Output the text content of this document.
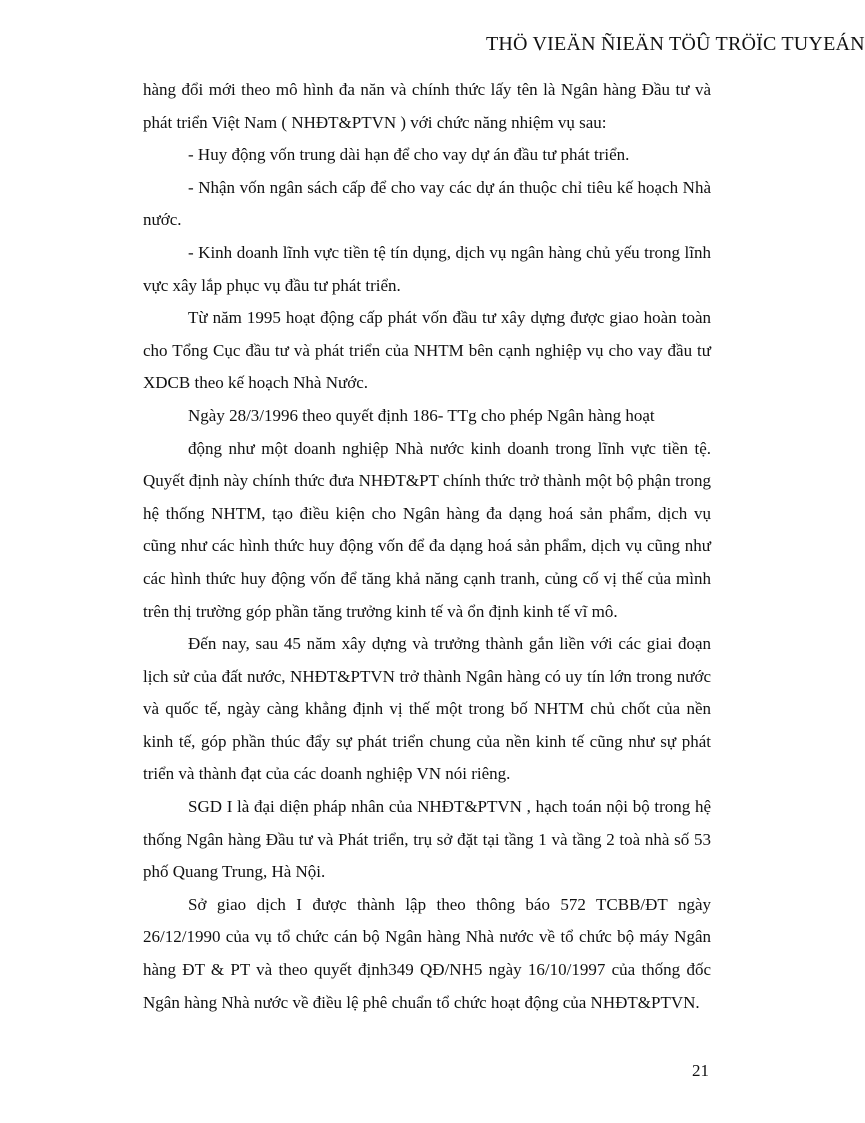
THÖ VIEÄN ÑIEÄN TÖÛ TRÖÏC TUYEÁN

hàng đổi mới theo mô hình đa năn và chính thức lấy tên là Ngân hàng Đầu tư và phát triển Việt Nam ( NHĐT&PTVN ) với chức năng nhiệm vụ sau:

- Huy động vốn trung dài hạn để cho vay dự án đầu tư phát triển.

- Nhận vốn ngân sách cấp để cho vay các dự án thuộc chỉ tiêu kế hoạch Nhà nước.

- Kinh doanh lĩnh vực tiền tệ tín dụng, dịch vụ ngân hàng chủ yếu trong lĩnh vực xây lắp phục vụ đầu tư phát triển.

Từ năm 1995 hoạt động cấp phát vốn đầu tư xây dựng được giao hoàn toàn cho Tổng Cục đầu tư và phát triển của NHTM bên cạnh nghiệp vụ cho vay đầu tư XDCB theo kế hoạch Nhà Nước.

Ngày 28/3/1996 theo quyết định 186- TTg cho phép Ngân hàng hoạt

động như một doanh nghiệp Nhà nước kinh doanh trong lĩnh vực tiền tệ. Quyết định này chính thức đưa NHĐT&PT chính thức trở thành một bộ phận trong hệ thống NHTM, tạo điều kiện cho Ngân hàng đa dạng hoá sản phẩm, dịch vụ cũng như các hình thức huy động vốn để đa dạng hoá sản phẩm, dịch vụ cũng như các hình thức huy động vốn để tăng khả năng cạnh tranh, củng cố vị thế của mình trên thị trường góp phần tăng trưởng kinh tế và ổn định kinh tế vĩ mô.

Đến nay, sau 45 năm xây dựng và trưởng thành gắn liền với các giai đoạn lịch sử của đất nước, NHĐT&PTVN trở thành Ngân hàng có uy tín lớn trong nước và quốc tế, ngày càng khẳng định vị thế một trong bố NHTM chủ chốt của nền kinh tế, góp phần thúc đẩy sự phát triển chung của nền kinh tế cũng như sự phát triển và thành đạt của các doanh nghiệp VN nói riêng.

SGD I là đại diện pháp nhân của NHĐT&PTVN , hạch toán nội bộ trong hệ thống Ngân hàng Đầu tư và Phát triển, trụ sở đặt tại tầng 1 và tầng 2 toà nhà số 53 phố Quang Trung, Hà Nội.

Sở giao dịch I được thành lập theo thông báo 572 TCBB/ĐT ngày 26/12/1990 của vụ tổ chức cán bộ Ngân hàng Nhà nước về tổ chức bộ máy Ngân hàng ĐT & PT và theo quyết định349 QĐ/NH5 ngày 16/10/1997 của thống đốc Ngân hàng Nhà nước về điều lệ phê chuẩn tổ chức hoạt động của NHĐT&PTVN.

21
